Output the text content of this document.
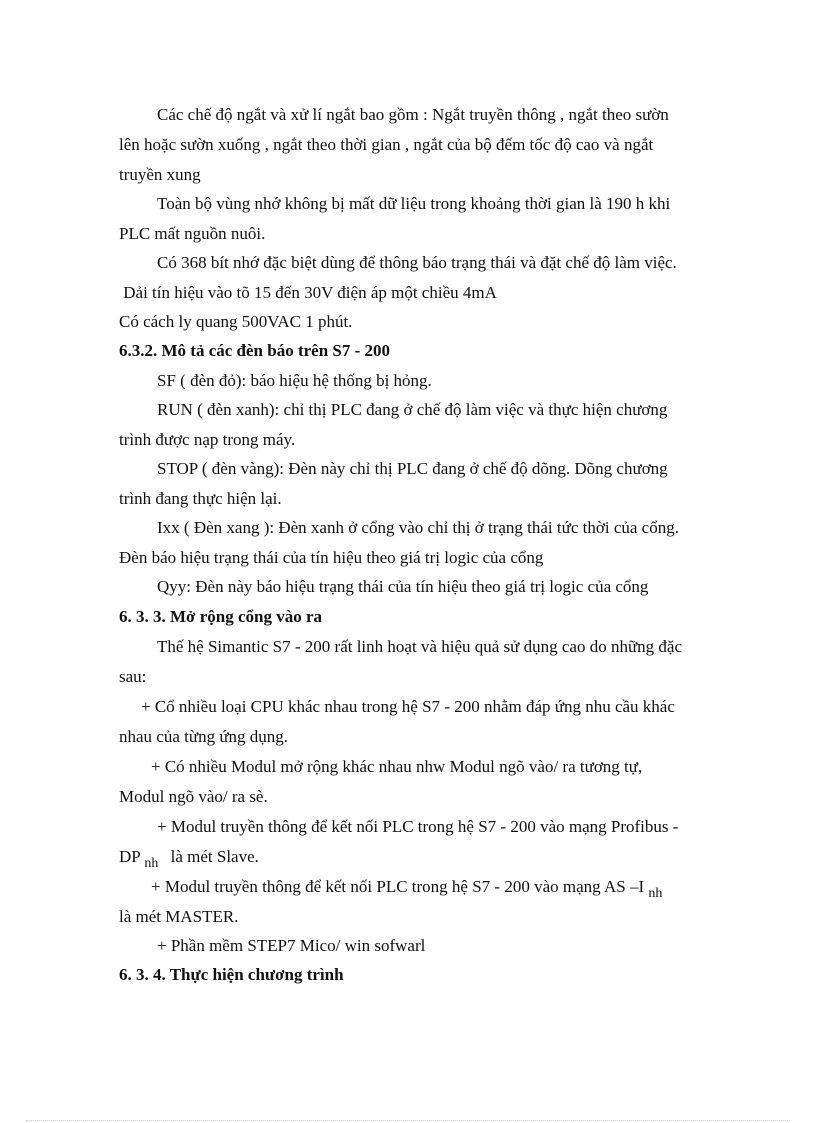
Các chế độ ngắt và xử lí ngắt bao gồm : Ngắt truyền thông , ngắt theo sườn
lên hoặc sườn xuống , ngắt theo thời gian , ngắt của bộ đếm tốc độ cao và ngắt
truyền xung
Toàn bộ vùng nhớ không bị mất dữ liệu trong khoảng thời gian là 190 h khi
PLC mất nguồn nuôi.
Có 368 bít nhớ đặc biệt dùng để thông báo trạng thái và đặt chế độ làm việc.
Dải tín hiệu vào tõ 15 đến 30V điện áp một chiều 4mA
Có cách ly quang 500VAC 1 phút.
6.3.2. Mô tả các đèn báo trên S7 - 200
SF ( đèn đỏ): báo hiệu hệ thống bị hỏng.
RUN ( đèn xanh): chỉ thị PLC đang ở chế độ làm việc và thực hiện chương
trình được nạp trong máy.
STOP ( đèn vàng): Đèn này chỉ thị PLC đang ở chế độ dõng. Dõng chương
trình đang thực hiện lại.
Ixx ( Đèn xang ): Đèn xanh ở cổng vào chỉ thị ở trạng thái tức thời của cổng.
Đèn báo hiệu trạng thái của tín hiệu theo giá trị logic của cổng
Qyy: Đèn này báo hiệu trạng thái của tín hiệu theo giá trị logic của cổng
6. 3. 3. Mở rộng cổng vào ra
Thế hệ Simantic S7 - 200 rất linh hoạt và hiệu quả sử dụng cao do những đặc
sau:
+ Cổ nhiều loại CPU khác nhau trong hệ S7 - 200 nhằm đáp ứng nhu cầu khác
nhau của từng ứng dụng.
+ Có nhiều Modul mở rộng khác nhau nhw Modul ngõ vào/ ra tương tự,
Modul ngõ vào/ ra sè.
+ Modul truyền thông để kết nối PLC trong hệ S7 - 200 vào mạng Profibus -
DP $_{nh}$ là mét Slave.
+ Modul truyền thông để kết nối PLC trong hệ S7 - 200 vào mạng AS –I $_{nh}$
là mét MASTER.
+ Phần mềm STEP7 Mico/ win sofwarl
6. 3. 4. Thực hiện chương trình
